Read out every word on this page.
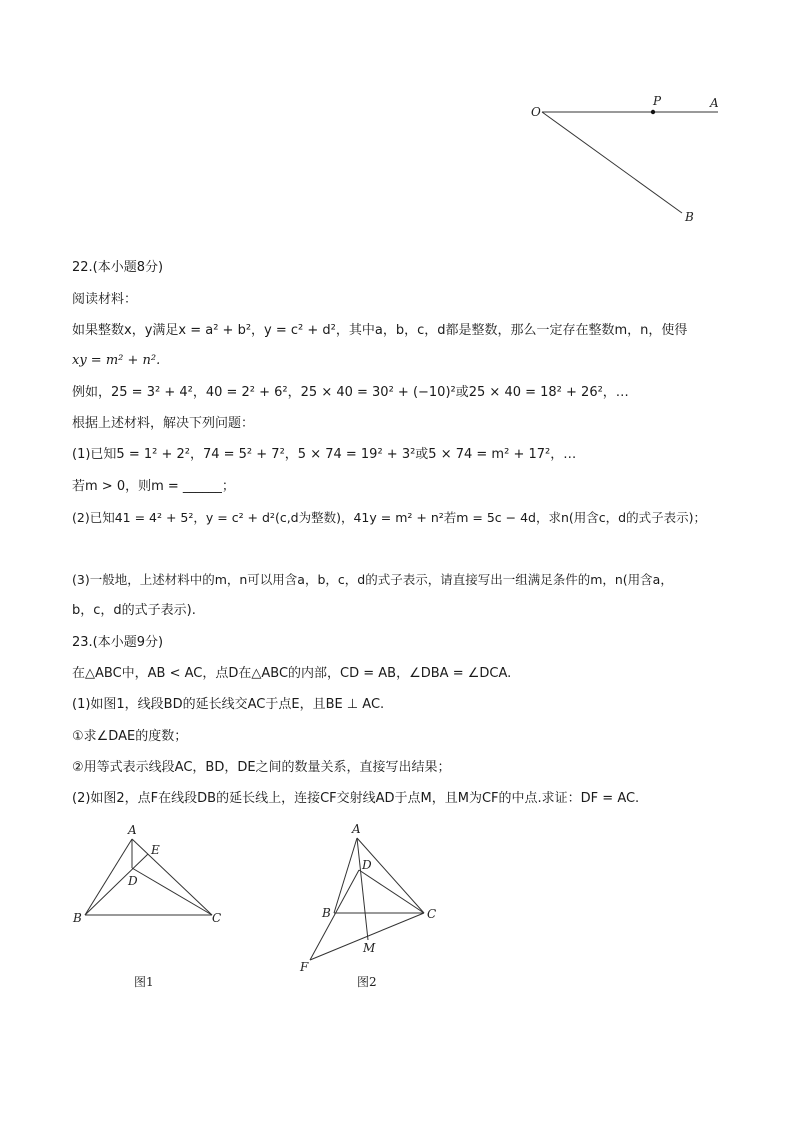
O
P	A
B
22.(本小题8分)
阅读材料：
如果整数x，y满足x = a² + b²，y = c² + d²，其中a，b，c，d都是整数，那么一定存在整数m，n，使得
xy = m² + n².
例如，25 = 3² + 4²，40 = 2² + 6²，25 × 40 = 30² + (−10)²或25 × 40 = 18² + 26²，…
根据上述材料，解决下列问题：
(1)已知5 = 1² + 2²，74 = 5² + 7²，5 × 74 = 19² + 3²或5 × 74 = m² + 17²，…
若m > 0，则m = ______；
(2)已知41 = 4² + 5²，y = c² + d²(c,d为整数)，41y = m² + n²若m = 5c − 4d，求n(用含c，d的式子表示)；
(3)一般地，上述材料中的m，n可以用含a，b，c，d的式子表示，请直接写出一组满足条件的m，n(用含a，
b，c，d的式子表示).
23.(本小题9分)
在△ABC中，AB < AC，点D在△ABC的内部，CD = AB，∠DBA = ∠DCA.
(1)如图1，线段BD的延长线交AC于点E，且BE ⊥ AC.
①求∠DAE的度数；
②用等式表示线段AC，BD，DE之间的数量关系，直接写出结果；
(2)如图2，点F在线段DB的延长线上，连接CF交射线AD于点M，且M为CF的中点.求证：DF = AC.
A
B	C
D
E
图1
A
B	C
D
M
F
图2
